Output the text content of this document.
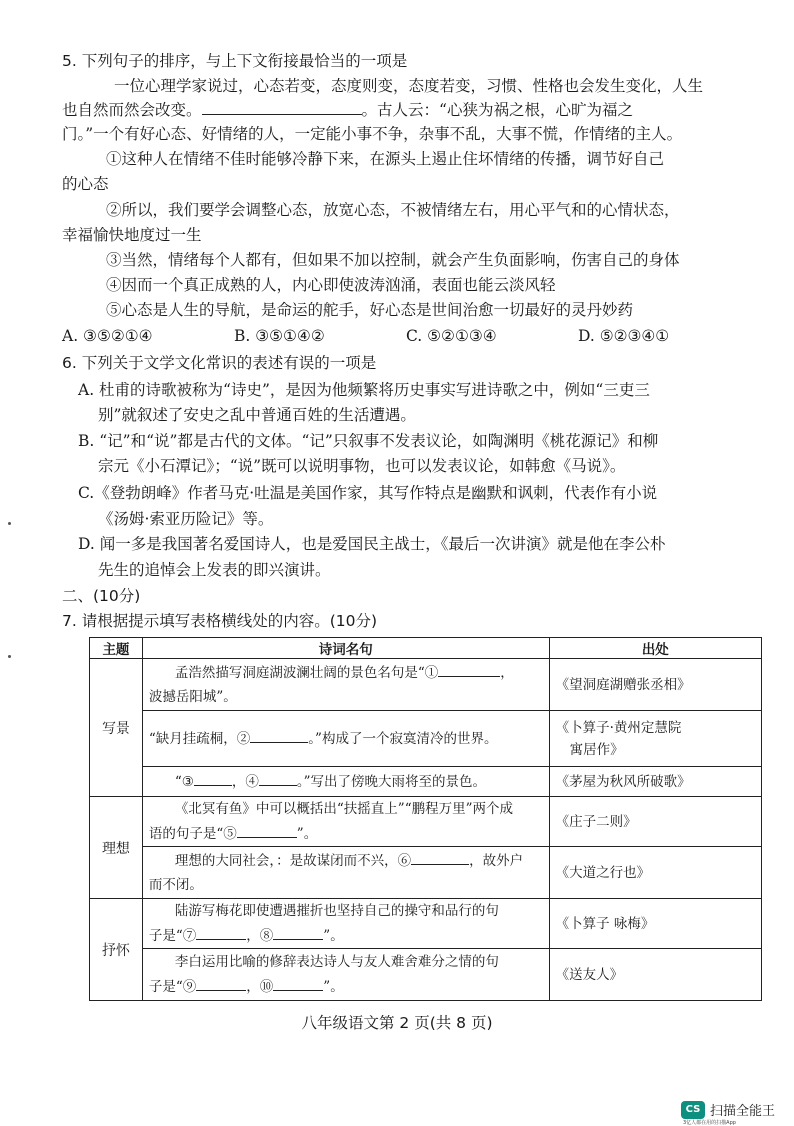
5. 下列句子的排序，与上下文衔接最恰当的一项是
一位心理学家说过，心态若变，态度则变，态度若变，习惯、性格也会发生变化，人生
也自然而然会改变。	。古人云：“心狭为祸之根，心旷为福之
门。”一个有好心态、好情绪的人，一定能小事不争，杂事不乱，大事不慌，作情绪的主人。
①这种人在情绪不佳时能够冷静下来，在源头上遏止住坏情绪的传播，调节好自己
的心态
②所以，我们要学会调整心态，放宽心态，不被情绪左右，用心平气和的心情状态，
幸福愉快地度过一生
③当然，情绪每个人都有，但如果不加以控制，就会产生负面影响，伤害自己的身体
④因而一个真正成熟的人，内心即使波涛汹涌，表面也能云淡风轻
⑤心态是人生的导航，是命运的舵手，好心态是世间治愈一切最好的灵丹妙药
A. ③⑤②①④	B. ③⑤①④②	C. ⑤②①③④	D. ⑤②③④①
6. 下列关于文学文化常识的表述有误的一项是
A. 杜甫的诗歌被称为“诗史”，是因为他频繁将历史事实写进诗歌之中，例如“三吏三
别”就叙述了安史之乱中普通百姓的生活遭遇。
B. “记”和“说”都是古代的文体。“记”只叙事不发表议论，如陶渊明《桃花源记》和柳
宗元《小石潭记》；“说”既可以说明事物，也可以发表议论，如韩愈《马说》。
C.《登勃朗峰》作者马克·吐温是美国作家，其写作特点是幽默和讽刺，代表作有小说
《汤姆·索亚历险记》等。
D. 闻一多是我国著名爱国诗人，也是爱国民主战士，《最后一次讲演》就是他在李公朴
先生的追悼会上发表的即兴演讲。
二、(10分)
7. 请根据提示填写表格横线处的内容。(10分)
主题	诗词名句	出处
写景	孟浩然描写洞庭湖波澜壮阔的景色名句是“① ，
波撼岳阳城”。	《望洞庭湖赠张丞相》
	“缺月挂疏桐，② 。”构成了一个寂寞清冷的世界。	《卜算子·黄州定慧院
寓居作》

	“③ ，④ 。”写出了傍晚大雨将至的景色。	《茅屋为秋风所破歌》
理想	《北冥有鱼》中可以概括出“扶摇直上”“鹏程万里”两个成
语的句子是“⑤ ”。	《庄子二则》

	理想的大同社会，：是故谋闭而不兴，⑥ ，故外户
而不闭。	《大道之行也》
抒怀	陆游写梅花即使遭遇摧折也坚持自己的操守和品行的句
子是“⑦ ，⑧ ”。	《卜算子 咏梅》

	李白运用比喻的修辞表达诗人与友人难舍难分之情的句
子是“⑨ ，⑩ ”。	《送友人》
八年级语文第 2 页(共 8 页)
CS 扫描全能王
3亿人都在用的扫描App
